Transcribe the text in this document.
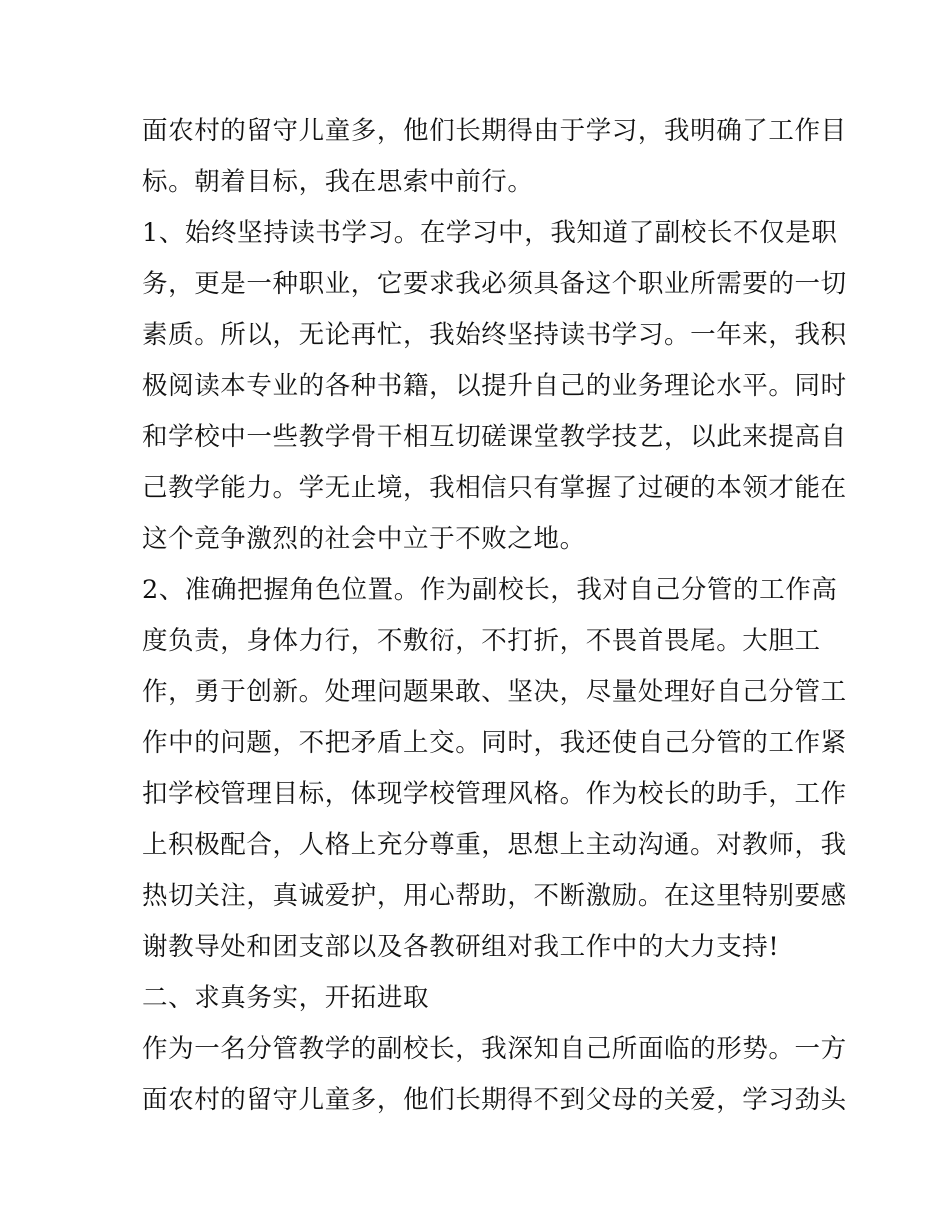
面农村的留守儿童多，他们长期得由于学习，我明确了工作目
标。朝着目标，我在思索中前行。
1、始终坚持读书学习。在学习中，我知道了副校长不仅是职
务，更是一种职业，它要求我必须具备这个职业所需要的一切
素质。所以，无论再忙，我始终坚持读书学习。一年来，我积
极阅读本专业的各种书籍，以提升自己的业务理论水平。同时
和学校中一些教学骨干相互切磋课堂教学技艺，以此来提高自
己教学能力。学无止境，我相信只有掌握了过硬的本领才能在
这个竞争激烈的社会中立于不败之地。
2、准确把握角色位置。作为副校长，我对自己分管的工作高
度负责，身体力行，不敷衍，不打折，不畏首畏尾。大胆工
作，勇于创新。处理问题果敢、坚决，尽量处理好自己分管工
作中的问题，不把矛盾上交。同时，我还使自己分管的工作紧
扣学校管理目标，体现学校管理风格。作为校长的助手，工作
上积极配合，人格上充分尊重，思想上主动沟通。对教师，我
热切关注，真诚爱护，用心帮助，不断激励。在这里特别要感
谢教导处和团支部以及各教研组对我工作中的大力支持!
二、求真务实，开拓进取
作为一名分管教学的副校长，我深知自己所面临的形势。一方
面农村的留守儿童多，他们长期得不到父母的关爱，学习劲头
